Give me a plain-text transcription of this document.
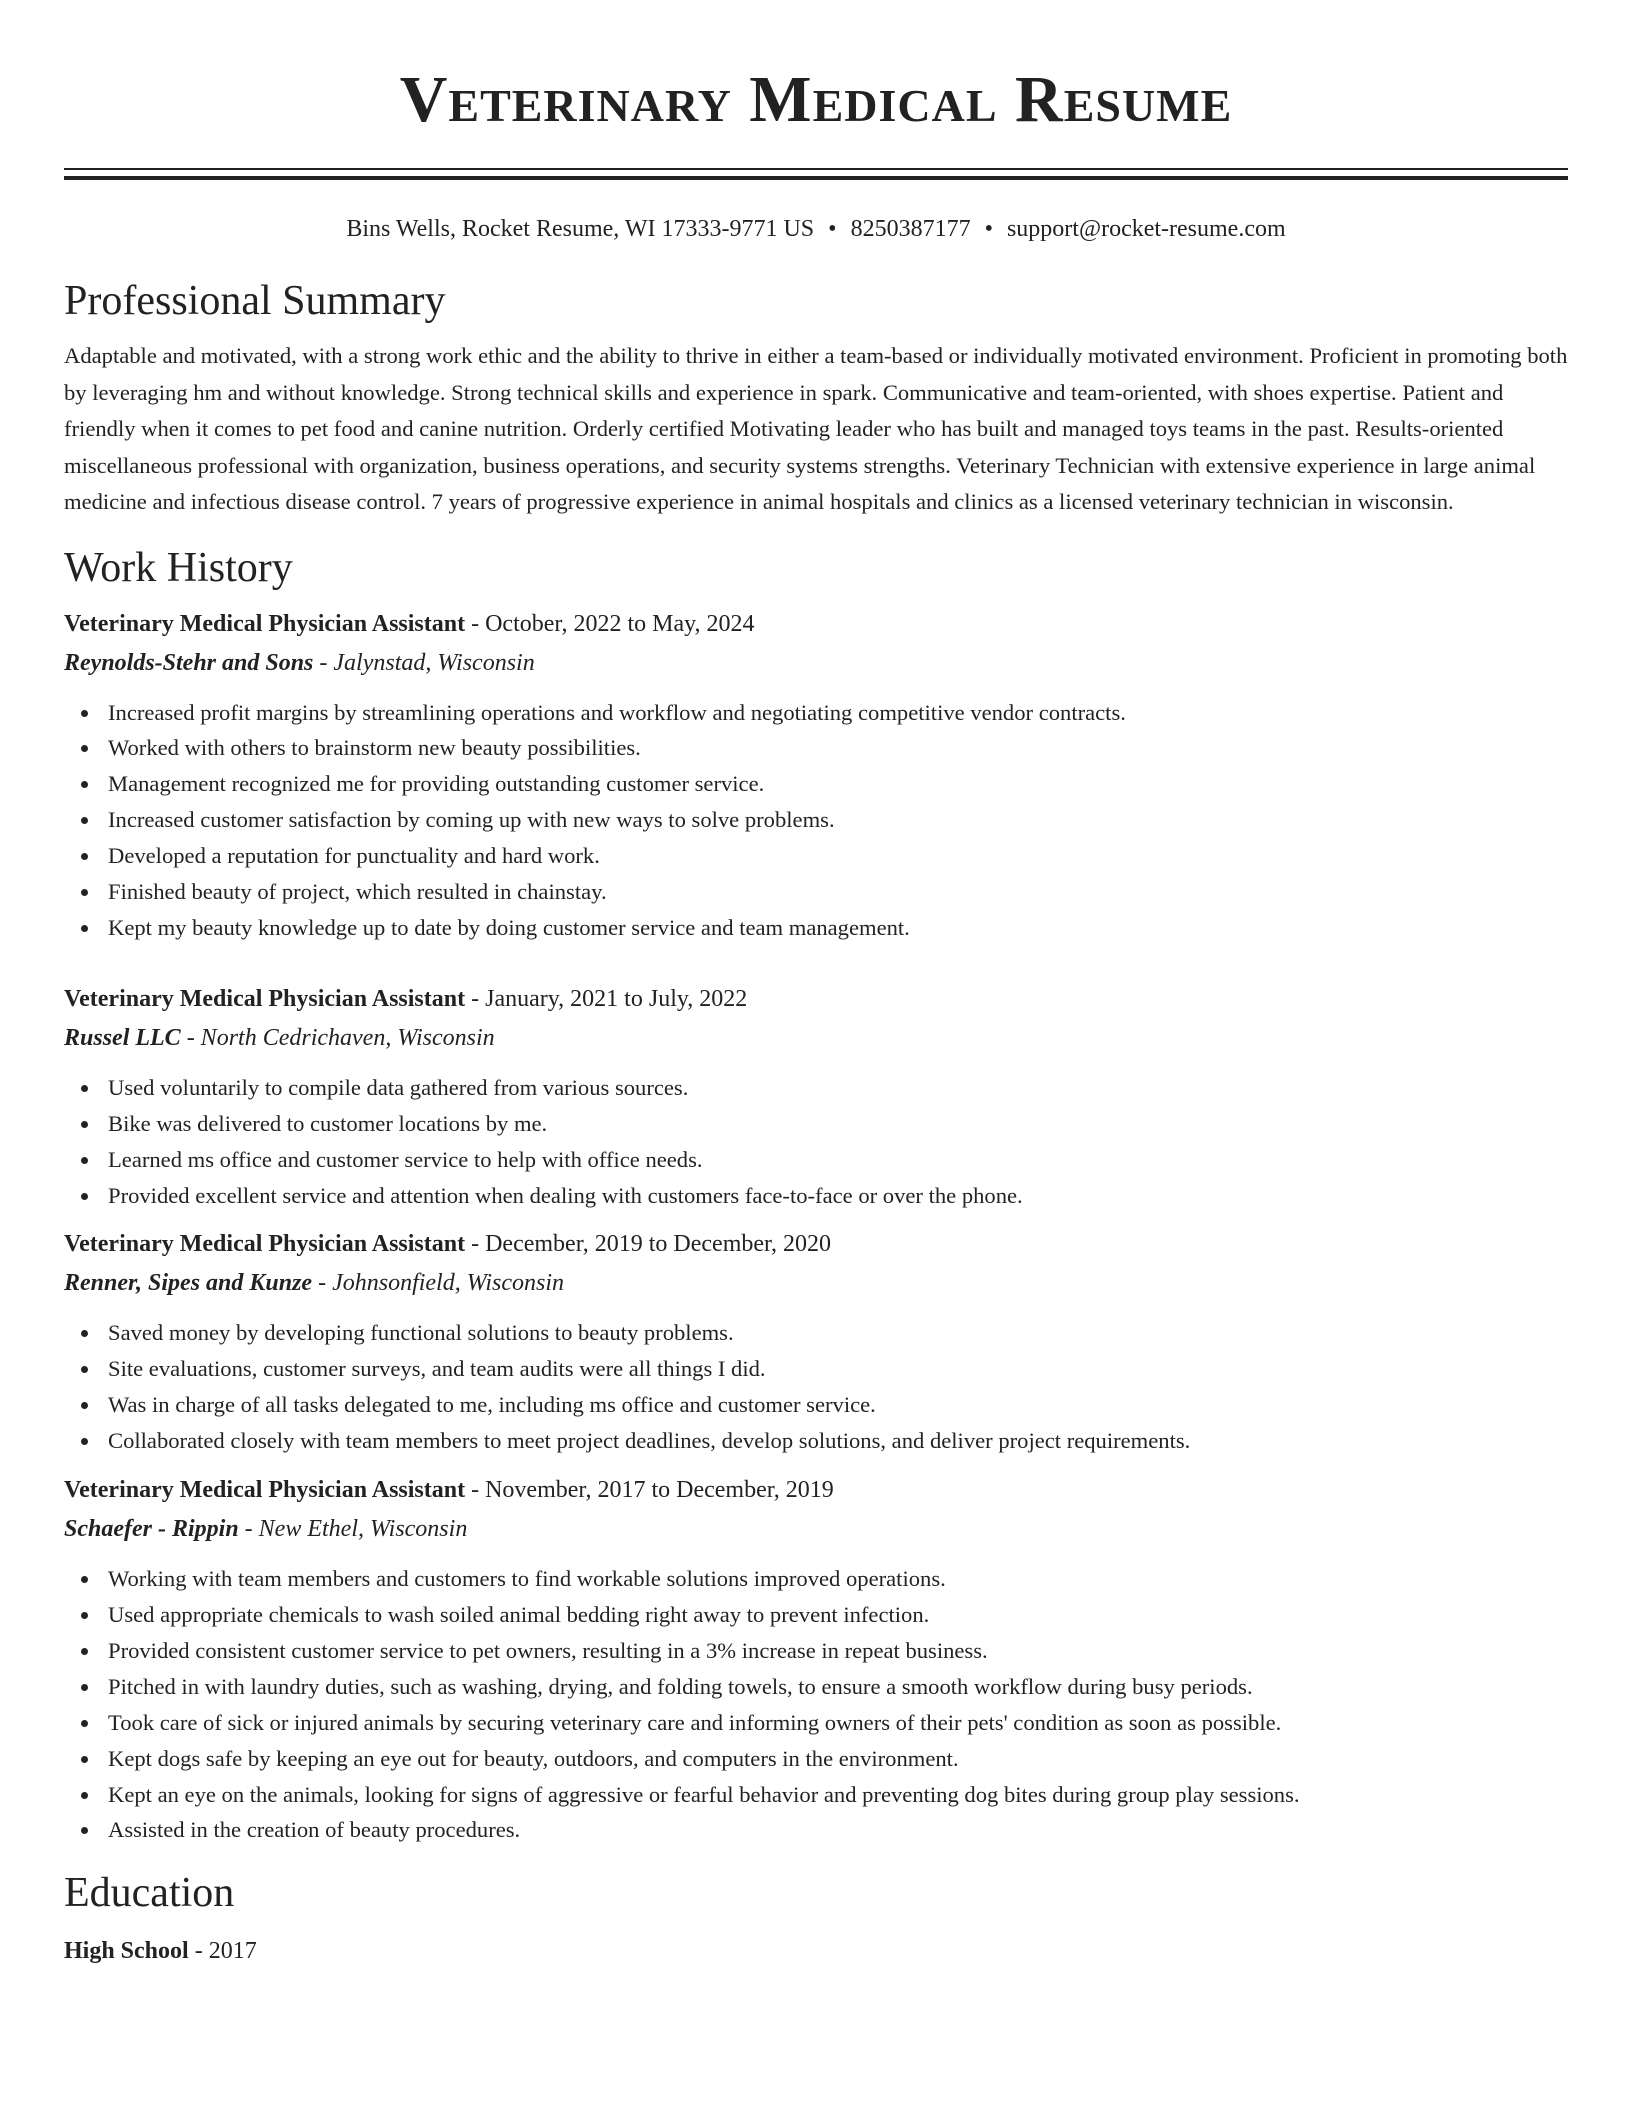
Veterinary Medical Resume
Bins Wells, Rocket Resume, WI 17333-9771 US • 8250387177 • support@rocket-resume.com
Professional Summary
Adaptable and motivated, with a strong work ethic and the ability to thrive in either a team-based or individually motivated environment. Proficient in promoting both by leveraging hm and without knowledge. Strong technical skills and experience in spark. Communicative and team-oriented, with shoes expertise. Patient and friendly when it comes to pet food and canine nutrition. Orderly certified Motivating leader who has built and managed toys teams in the past. Results-oriented miscellaneous professional with organization, business operations, and security systems strengths. Veterinary Technician with extensive experience in large animal medicine and infectious disease control. 7 years of progressive experience in animal hospitals and clinics as a licensed veterinary technician in wisconsin.
Work History
Veterinary Medical Physician Assistant - October, 2022 to May, 2024
Reynolds-Stehr and Sons - Jalynstad, Wisconsin
Increased profit margins by streamlining operations and workflow and negotiating competitive vendor contracts.
Worked with others to brainstorm new beauty possibilities.
Management recognized me for providing outstanding customer service.
Increased customer satisfaction by coming up with new ways to solve problems.
Developed a reputation for punctuality and hard work.
Finished beauty of project, which resulted in chainstay.
Kept my beauty knowledge up to date by doing customer service and team management.
Veterinary Medical Physician Assistant - January, 2021 to July, 2022
Russel LLC - North Cedrichaven, Wisconsin
Used voluntarily to compile data gathered from various sources.
Bike was delivered to customer locations by me.
Learned ms office and customer service to help with office needs.
Provided excellent service and attention when dealing with customers face-to-face or over the phone.
Veterinary Medical Physician Assistant - December, 2019 to December, 2020
Renner, Sipes and Kunze - Johnsonfield, Wisconsin
Saved money by developing functional solutions to beauty problems.
Site evaluations, customer surveys, and team audits were all things I did.
Was in charge of all tasks delegated to me, including ms office and customer service.
Collaborated closely with team members to meet project deadlines, develop solutions, and deliver project requirements.
Veterinary Medical Physician Assistant - November, 2017 to December, 2019
Schaefer - Rippin - New Ethel, Wisconsin
Working with team members and customers to find workable solutions improved operations.
Used appropriate chemicals to wash soiled animal bedding right away to prevent infection.
Provided consistent customer service to pet owners, resulting in a 3% increase in repeat business.
Pitched in with laundry duties, such as washing, drying, and folding towels, to ensure a smooth workflow during busy periods.
Took care of sick or injured animals by securing veterinary care and informing owners of their pets' condition as soon as possible.
Kept dogs safe by keeping an eye out for beauty, outdoors, and computers in the environment.
Kept an eye on the animals, looking for signs of aggressive or fearful behavior and preventing dog bites during group play sessions.
Assisted in the creation of beauty procedures.
Education
High School - 2017
